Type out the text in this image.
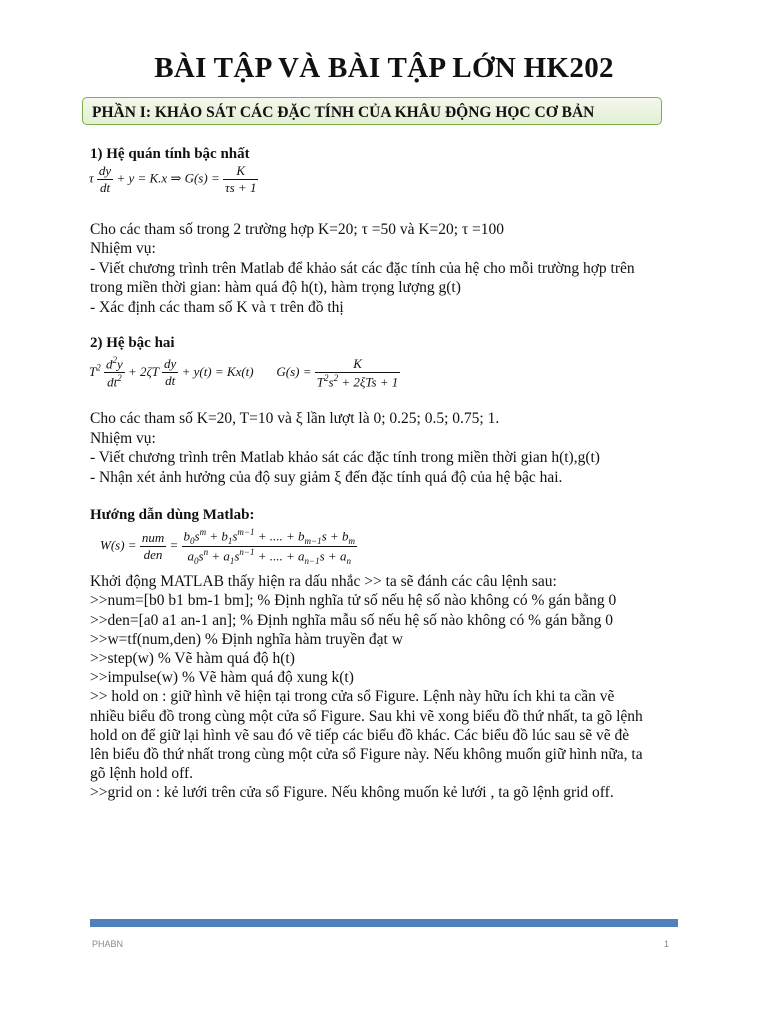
BÀI TẬP VÀ BÀI TẬP LỚN HK202
PHẦN I: KHẢO SÁT CÁC ĐẶC TÍNH CỦA KHÂU ĐỘNG HỌC CƠ BẢN
1) Hệ quán tính bậc nhất
τ $\frac{dy}{dt} + y = K.x$ ⇒ $G(s) = \frac{K}{\tau s + 1}$
Cho các tham số trong 2 trường hợp K=20; τ =50 và K=20; τ =100
Nhiệm vụ:
- Viết chương trình trên Matlab để khảo sát các đặc tính của hệ cho mỗi trường hợp trên
trong miền thời gian: hàm quá độ h(t), hàm trọng lượng g(t)
- Xác định các tham số K và τ trên đồ thị
2) Hệ bậc hai
$T^2 \frac{d^2y}{dt^2} + 2\zeta T \frac{dy}{dt} + y(t) = Kx(t)$       $G(s) = \frac{K}{T^2s^2 + 2\xi Ts + 1}$
Cho các tham số K=20, T=10 và ξ lần lượt là 0; 0.25; 0.5; 0.75; 1.
Nhiệm vụ:
- Viết chương trình trên Matlab khảo sát các đặc tính trong miền thời gian h(t),g(t)
- Nhận xét ảnh hưởng của độ suy giảm ξ đến đặc tính quá độ của hệ bậc hai.
Hướng dẫn dùng Matlab:
$W(s) = \frac{\text{num}}{\text{den}} = \frac{b_0s^m + b_1s^{m-1} + .... + b_{m-1}s + b_m}{a_0s^n + a_1s^{n-1} + .... + a_{n-1}s + a_n}$
Khởi động MATLAB thấy hiện ra dấu nhắc >> ta sẽ đánh các câu lệnh sau:
>>num=[b0 b1 bm-1 bm]; % Định nghĩa tử số nếu hệ số nào không có % gán bằng 0
>>den=[a0 a1 an-1 an]; % Định nghĩa mẫu số nếu hệ số nào không có % gán bằng 0
>>w=tf(num,den) % Định nghĩa hàm truyền đạt w
>>step(w) % Vẽ hàm quá độ h(t)
>>impulse(w) % Vẽ hàm quá độ xung k(t)
>> hold on : giữ hình vẽ hiện tại trong cửa sổ Figure. Lệnh này hữu ích khi ta cần vẽ
nhiều biểu đồ trong cùng một cửa sổ Figure. Sau khi vẽ xong biểu đồ thứ nhất, ta gõ lệnh
hold on để giữ lại hình vẽ sau đó vẽ tiếp các biểu đồ khác. Các biểu đồ lúc sau sẽ vẽ đè
lên biểu đồ thứ nhất trong cùng một cửa sổ Figure này. Nếu không muốn giữ hình nữa, ta
gõ lệnh hold off.
>>grid on : kẻ lưới trên cửa sổ Figure. Nếu không muốn kẻ lưới , ta gõ lệnh grid off.
PHABN	1
